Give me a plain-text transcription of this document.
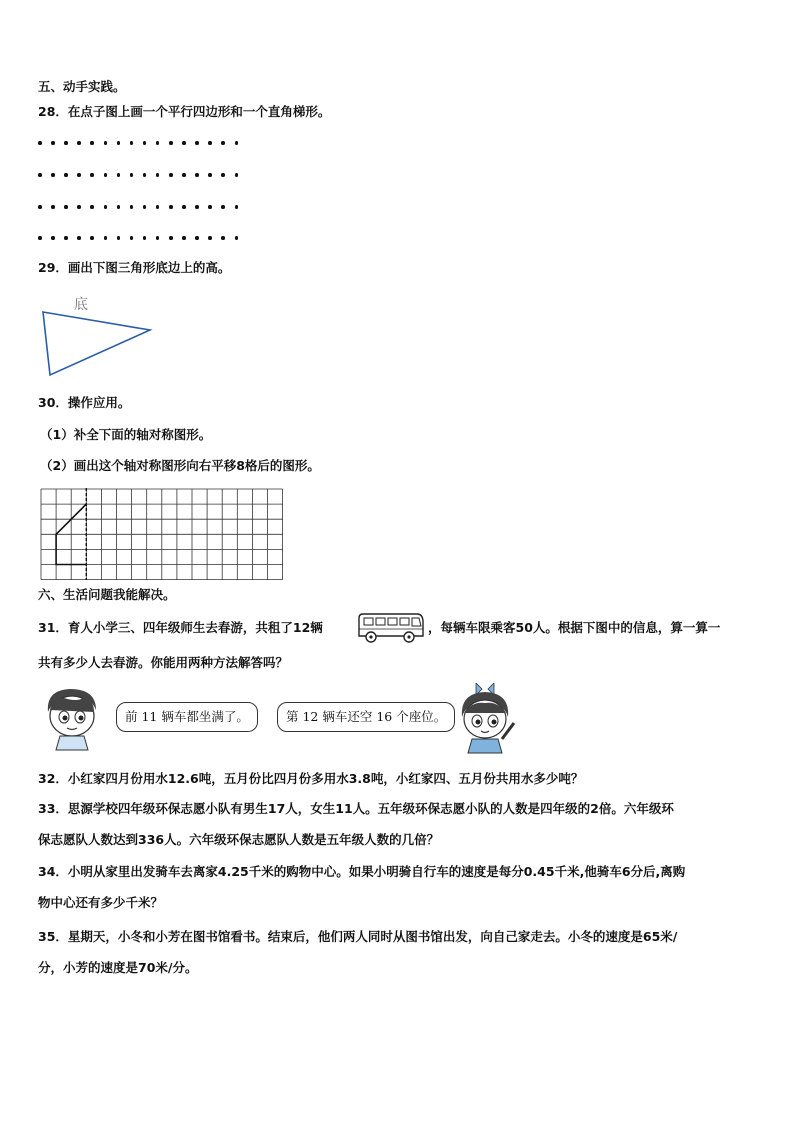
五、动手实践。
28．在点子图上画一个平行四边形和一个直角梯形。
29．画出下图三角形底边上的高。
底
30．操作应用。
（1）补全下面的轴对称图形。
（2）画出这个轴对称图形向右平移8格后的图形。
六、生活问题我能解决。
31．育人小学三、四年级师生去春游，共租了12辆	，每辆车限乘客50人。根据下图中的信息，算一算一
共有多少人去春游。你能用两种方法解答吗？
前 11 辆车都坐满了。	第 12 辆车还空 16 个座位。
32．小红家四月份用水12.6吨，五月份比四月份多用水3.8吨，小红家四、五月份共用水多少吨？
33．思源学校四年级环保志愿小队有男生17人，女生11人。五年级环保志愿小队的人数是四年级的2倍。六年级环
保志愿队人数达到336人。六年级环保志愿队人数是五年级人数的几倍？
34．小明从家里出发骑车去离家4.25千米的购物中心。如果小明骑自行车的速度是每分0.45千米,他骑车6分后,离购
物中心还有多少千米？
35．星期天，小冬和小芳在图书馆看书。结束后，他们两人同时从图书馆出发，向自己家走去。小冬的速度是65米/
分，小芳的速度是70米/分。
